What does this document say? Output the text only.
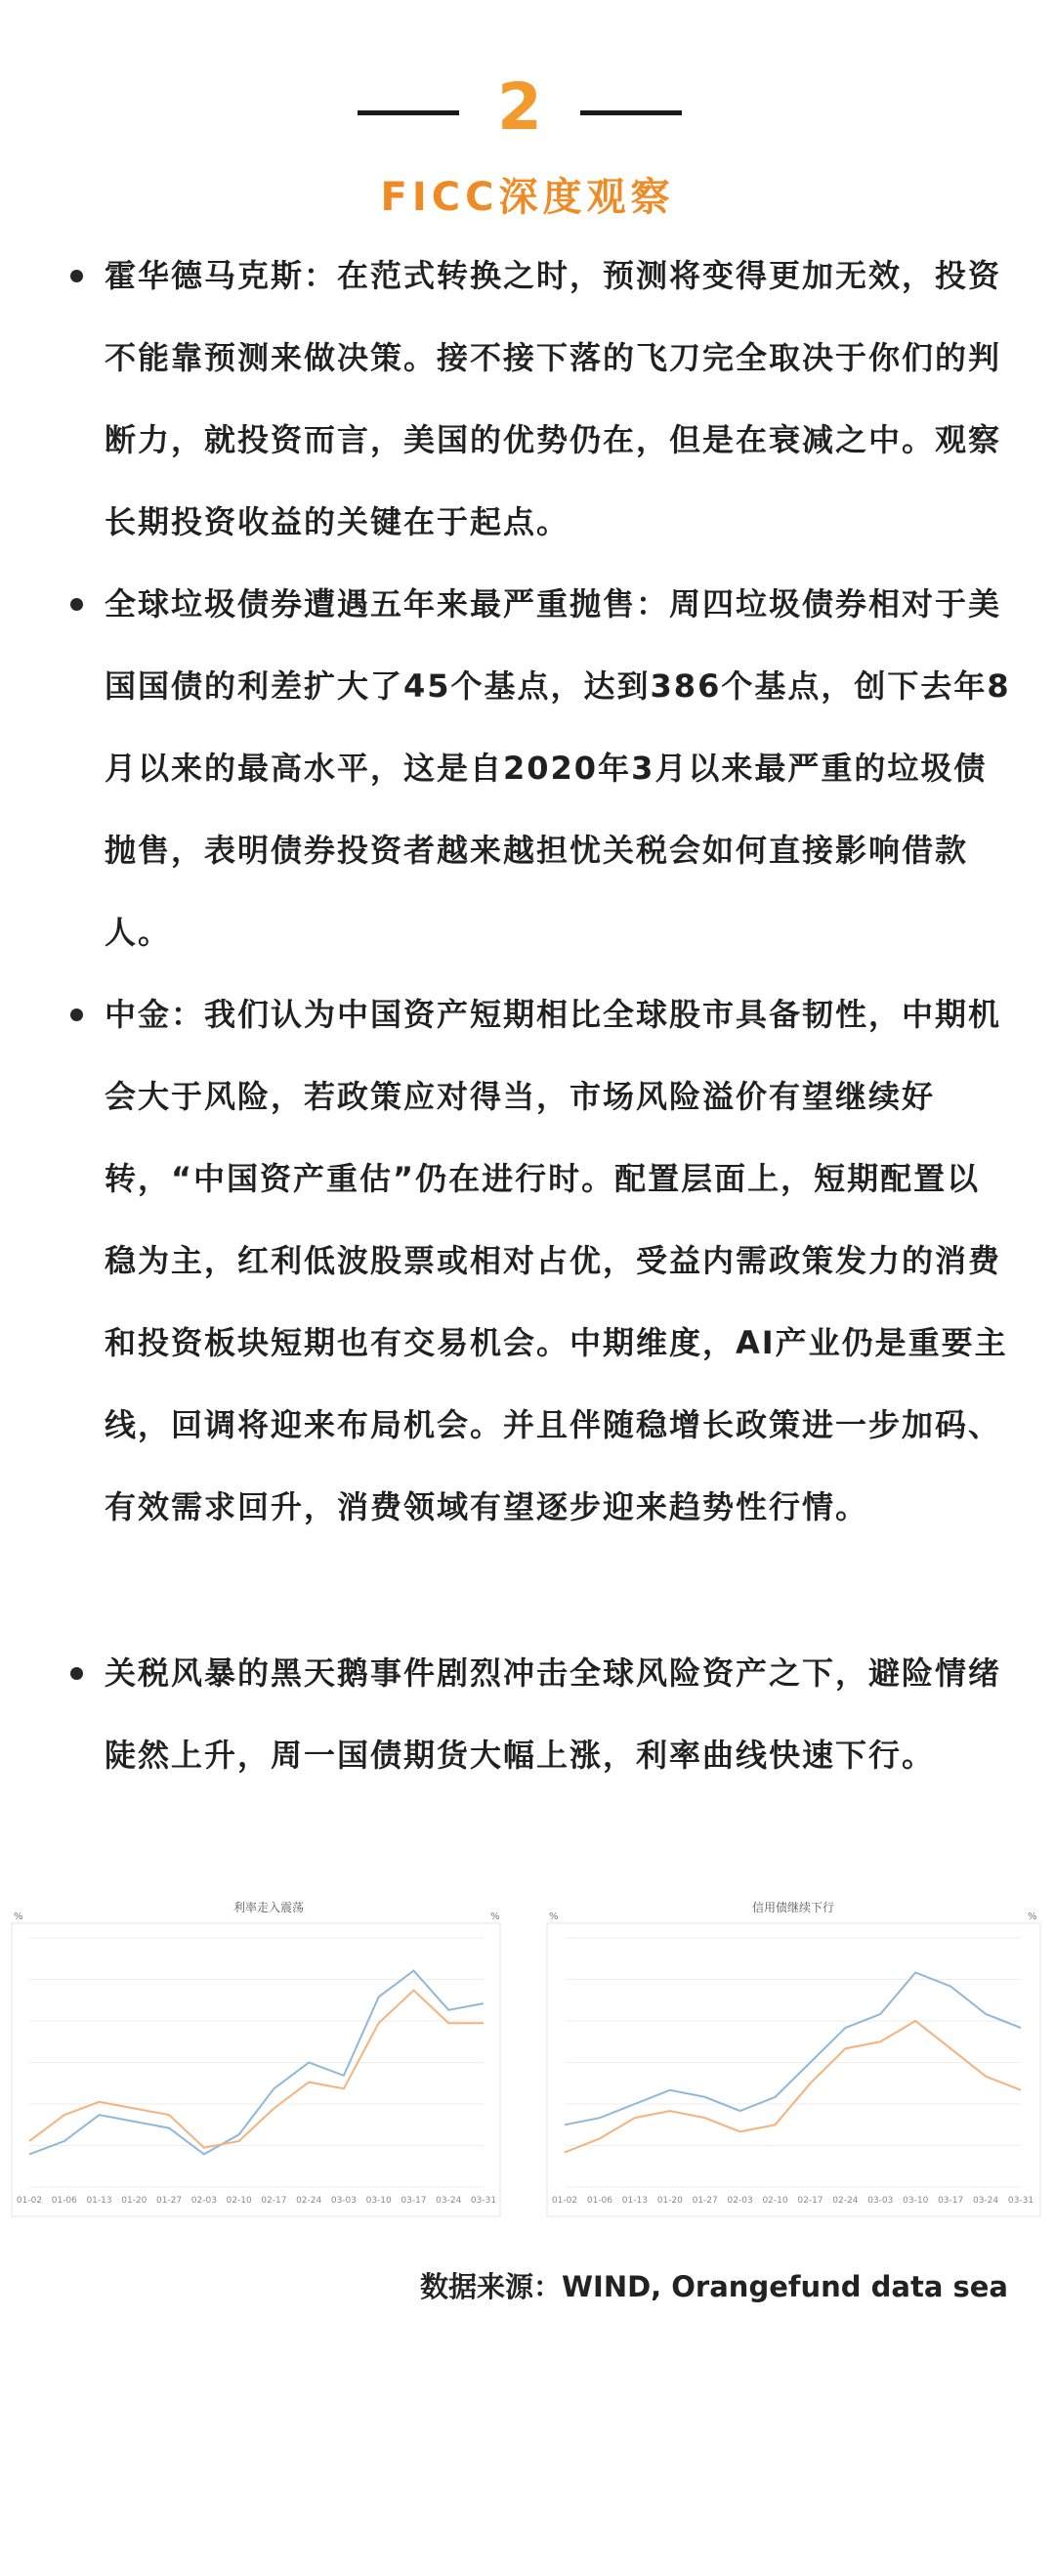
2
FICC深度观察
霍华德马克斯：在范式转换之时，预测将变得更加无效，投资不能靠预测来做决策。接不接下落的飞刀完全取决于你们的判断力，就投资而言，美国的优势仍在，但是在衰减之中。观察长期投资收益的关键在于起点。
全球垃圾债券遭遇五年来最严重抛售：周四垃圾债券相对于美国国债的利差扩大了45个基点，达到386个基点，创下去年8月以来的最高水平，这是自2020年3月以来最严重的垃圾债抛售，表明债券投资者越来越担忧关税会如何直接影响借款人。
中金：我们认为中国资产短期相比全球股市具备韧性，中期机会大于风险，若政策应对得当，市场风险溢价有望继续好转，“中国资产重估”仍在进行时。配置层面上，短期配置以稳为主，红利低波股票或相对占优，受益内需政策发力的消费和投资板块短期也有交易机会。中期维度，AI产业仍是重要主线，回调将迎来布局机会。并且伴随稳增长政策进一步加码、有效需求回升，消费领域有望逐步迎来趋势性行情。
关税风暴的黑天鹅事件剧烈冲击全球风险资产之下，避险情绪陡然上升，周一国债期货大幅上涨，利率曲线快速下行。
利率走入震荡
%	%
01-02 01-06 01-13 01-20 01-27 02-03 02-10 02-17 02-24 03-03 03-10 03-17 03-24 03-31
信用债继续下行
%	%
01-02 01-06 01-13 01-20 01-27 02-03 02-10 02-17 02-24 03-03 03-10 03-17 03-24 03-31
数据来源：WIND, Orangefund data sea
